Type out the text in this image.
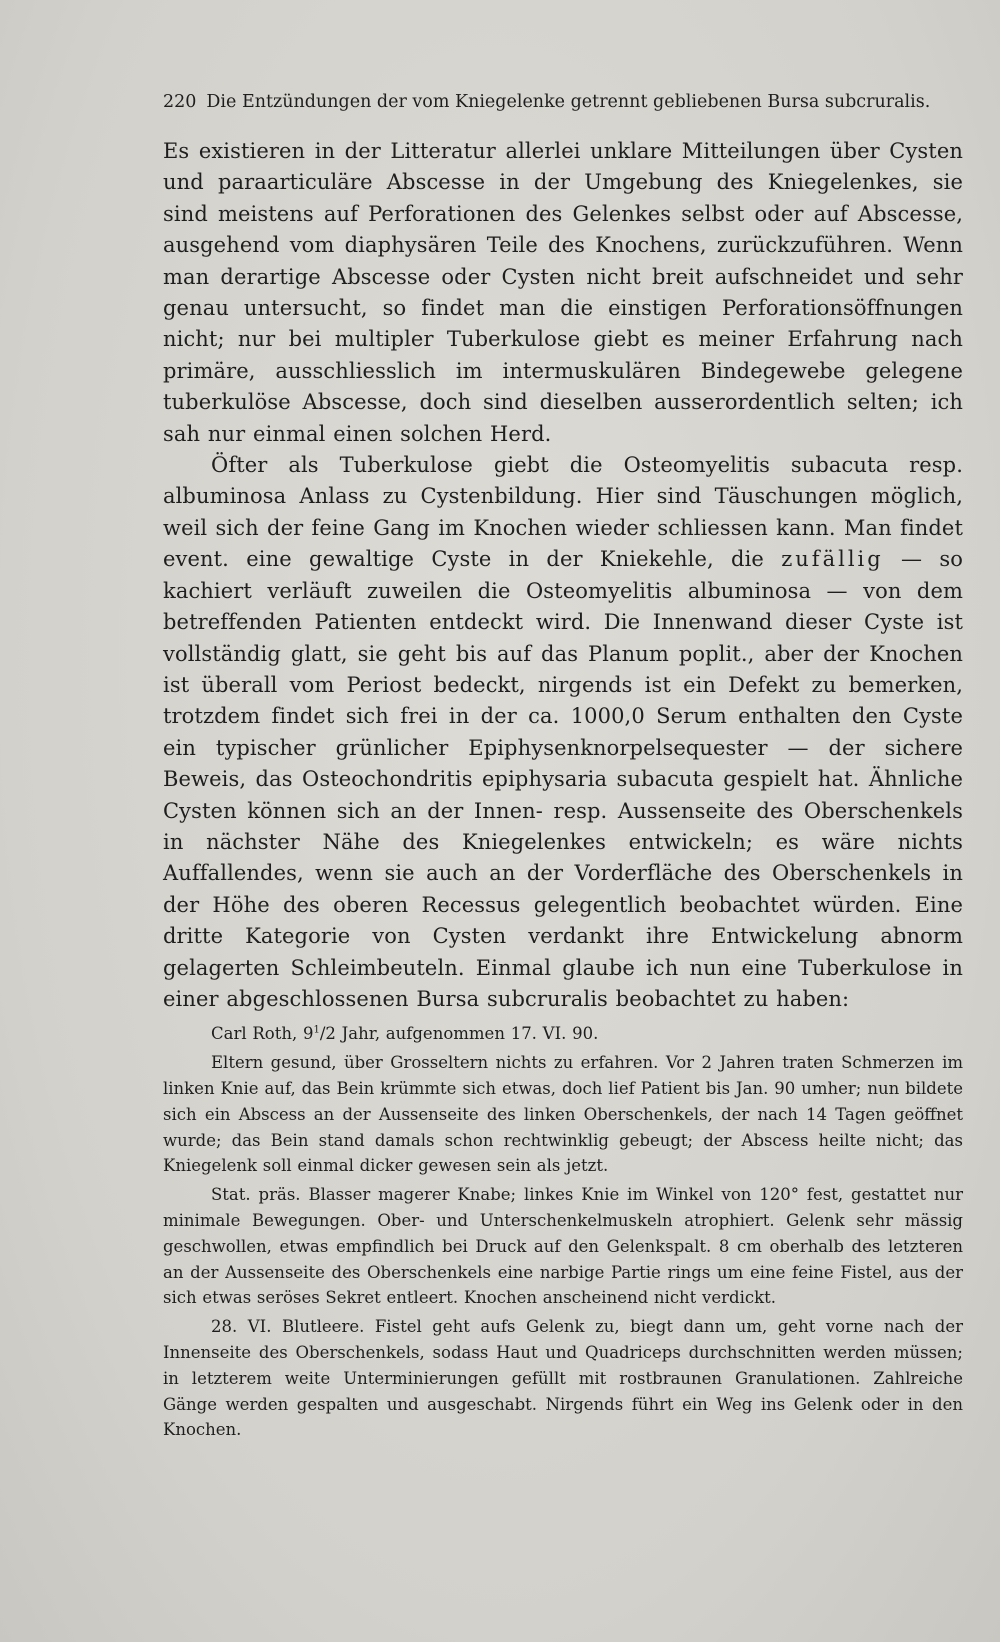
220 Die Entzündungen der vom Kniegelenke getrennt gebliebenen Bursa subcruralis.

Es existieren in der Litteratur allerlei unklare Mitteilungen über Cysten und paraarticuläre Abscesse in der Umgebung des Kniegelenkes, sie sind meistens auf Perforationen des Gelenkes selbst oder auf Abscesse, ausgehend vom diaphysären Teile des Knochens, zurückzuführen. Wenn man derartige Abscesse oder Cysten nicht breit aufschneidet und sehr genau untersucht, so findet man die einstigen Perforationsöffnungen nicht; nur bei multipler Tuberkulose giebt es meiner Erfahrung nach primäre, ausschliesslich im intermuskulären Bindegewebe gelegene tuberkulöse Abscesse, doch sind dieselben ausserordentlich selten; ich sah nur einmal einen solchen Herd.

Öfter als Tuberkulose giebt die Osteomyelitis subacuta resp. albuminosa Anlass zu Cystenbildung. Hier sind Täuschungen möglich, weil sich der feine Gang im Knochen wieder schliessen kann. Man findet event. eine gewaltige Cyste in der Kniekehle, die zufällig — so kachiert verläuft zuweilen die Osteomyelitis albuminosa — von dem betreffenden Patienten entdeckt wird. Die Innenwand dieser Cyste ist vollständig glatt, sie geht bis auf das Planum poplit., aber der Knochen ist überall vom Periost bedeckt, nirgends ist ein Defekt zu bemerken, trotzdem findet sich frei in der ca. 1000,0 Serum enthalten den Cyste ein typischer grünlicher Epiphysenknorpelsequester — der sichere Beweis, das Osteochondritis epiphysaria subacuta gespielt hat. Ähnliche Cysten können sich an der Innen- resp. Aussenseite des Oberschenkels in nächster Nähe des Kniegelenkes entwickeln; es wäre nichts Auffallendes, wenn sie auch an der Vorderfläche des Oberschenkels in der Höhe des oberen Recessus gelegentlich beobachtet würden. Eine dritte Kategorie von Cysten verdankt ihre Entwickelung abnorm gelagerten Schleimbeuteln. Einmal glaube ich nun eine Tuberkulose in einer abgeschlossenen Bursa subcruralis beobachtet zu haben:

Carl Roth, $9^1/2$ Jahr, aufgenommen 17. VI. 90.

Eltern gesund, über Grosseltern nichts zu erfahren. Vor 2 Jahren traten Schmerzen im linken Knie auf, das Bein krümmte sich etwas, doch lief Patient bis Jan. 90 umher; nun bildete sich ein Abscess an der Aussenseite des linken Oberschenkels, der nach 14 Tagen geöffnet wurde; das Bein stand damals schon rechtwinklig gebeugt; der Abscess heilte nicht; das Kniegelenk soll einmal dicker gewesen sein als jetzt.

Stat. präs. Blasser magerer Knabe; linkes Knie im Winkel von 120° fest, gestattet nur minimale Bewegungen. Ober- und Unterschenkelmuskeln atrophiert. Gelenk sehr mässig geschwollen, etwas empfindlich bei Druck auf den Gelenkspalt. 8 cm oberhalb des letzteren an der Aussenseite des Oberschenkels eine narbige Partie rings um eine feine Fistel, aus der sich etwas seröses Sekret entleert. Knochen anscheinend nicht verdickt.

28. VI. Blutleere. Fistel geht aufs Gelenk zu, biegt dann um, geht vorne nach der Innenseite des Oberschenkels, sodass Haut und Quadriceps durchschnitten werden müssen; in letzterem weite Unterminierungen gefüllt mit rostbraunen Granulationen. Zahlreiche Gänge werden gespalten und ausgeschabt. Nirgends führt ein Weg ins Gelenk oder in den Knochen.
